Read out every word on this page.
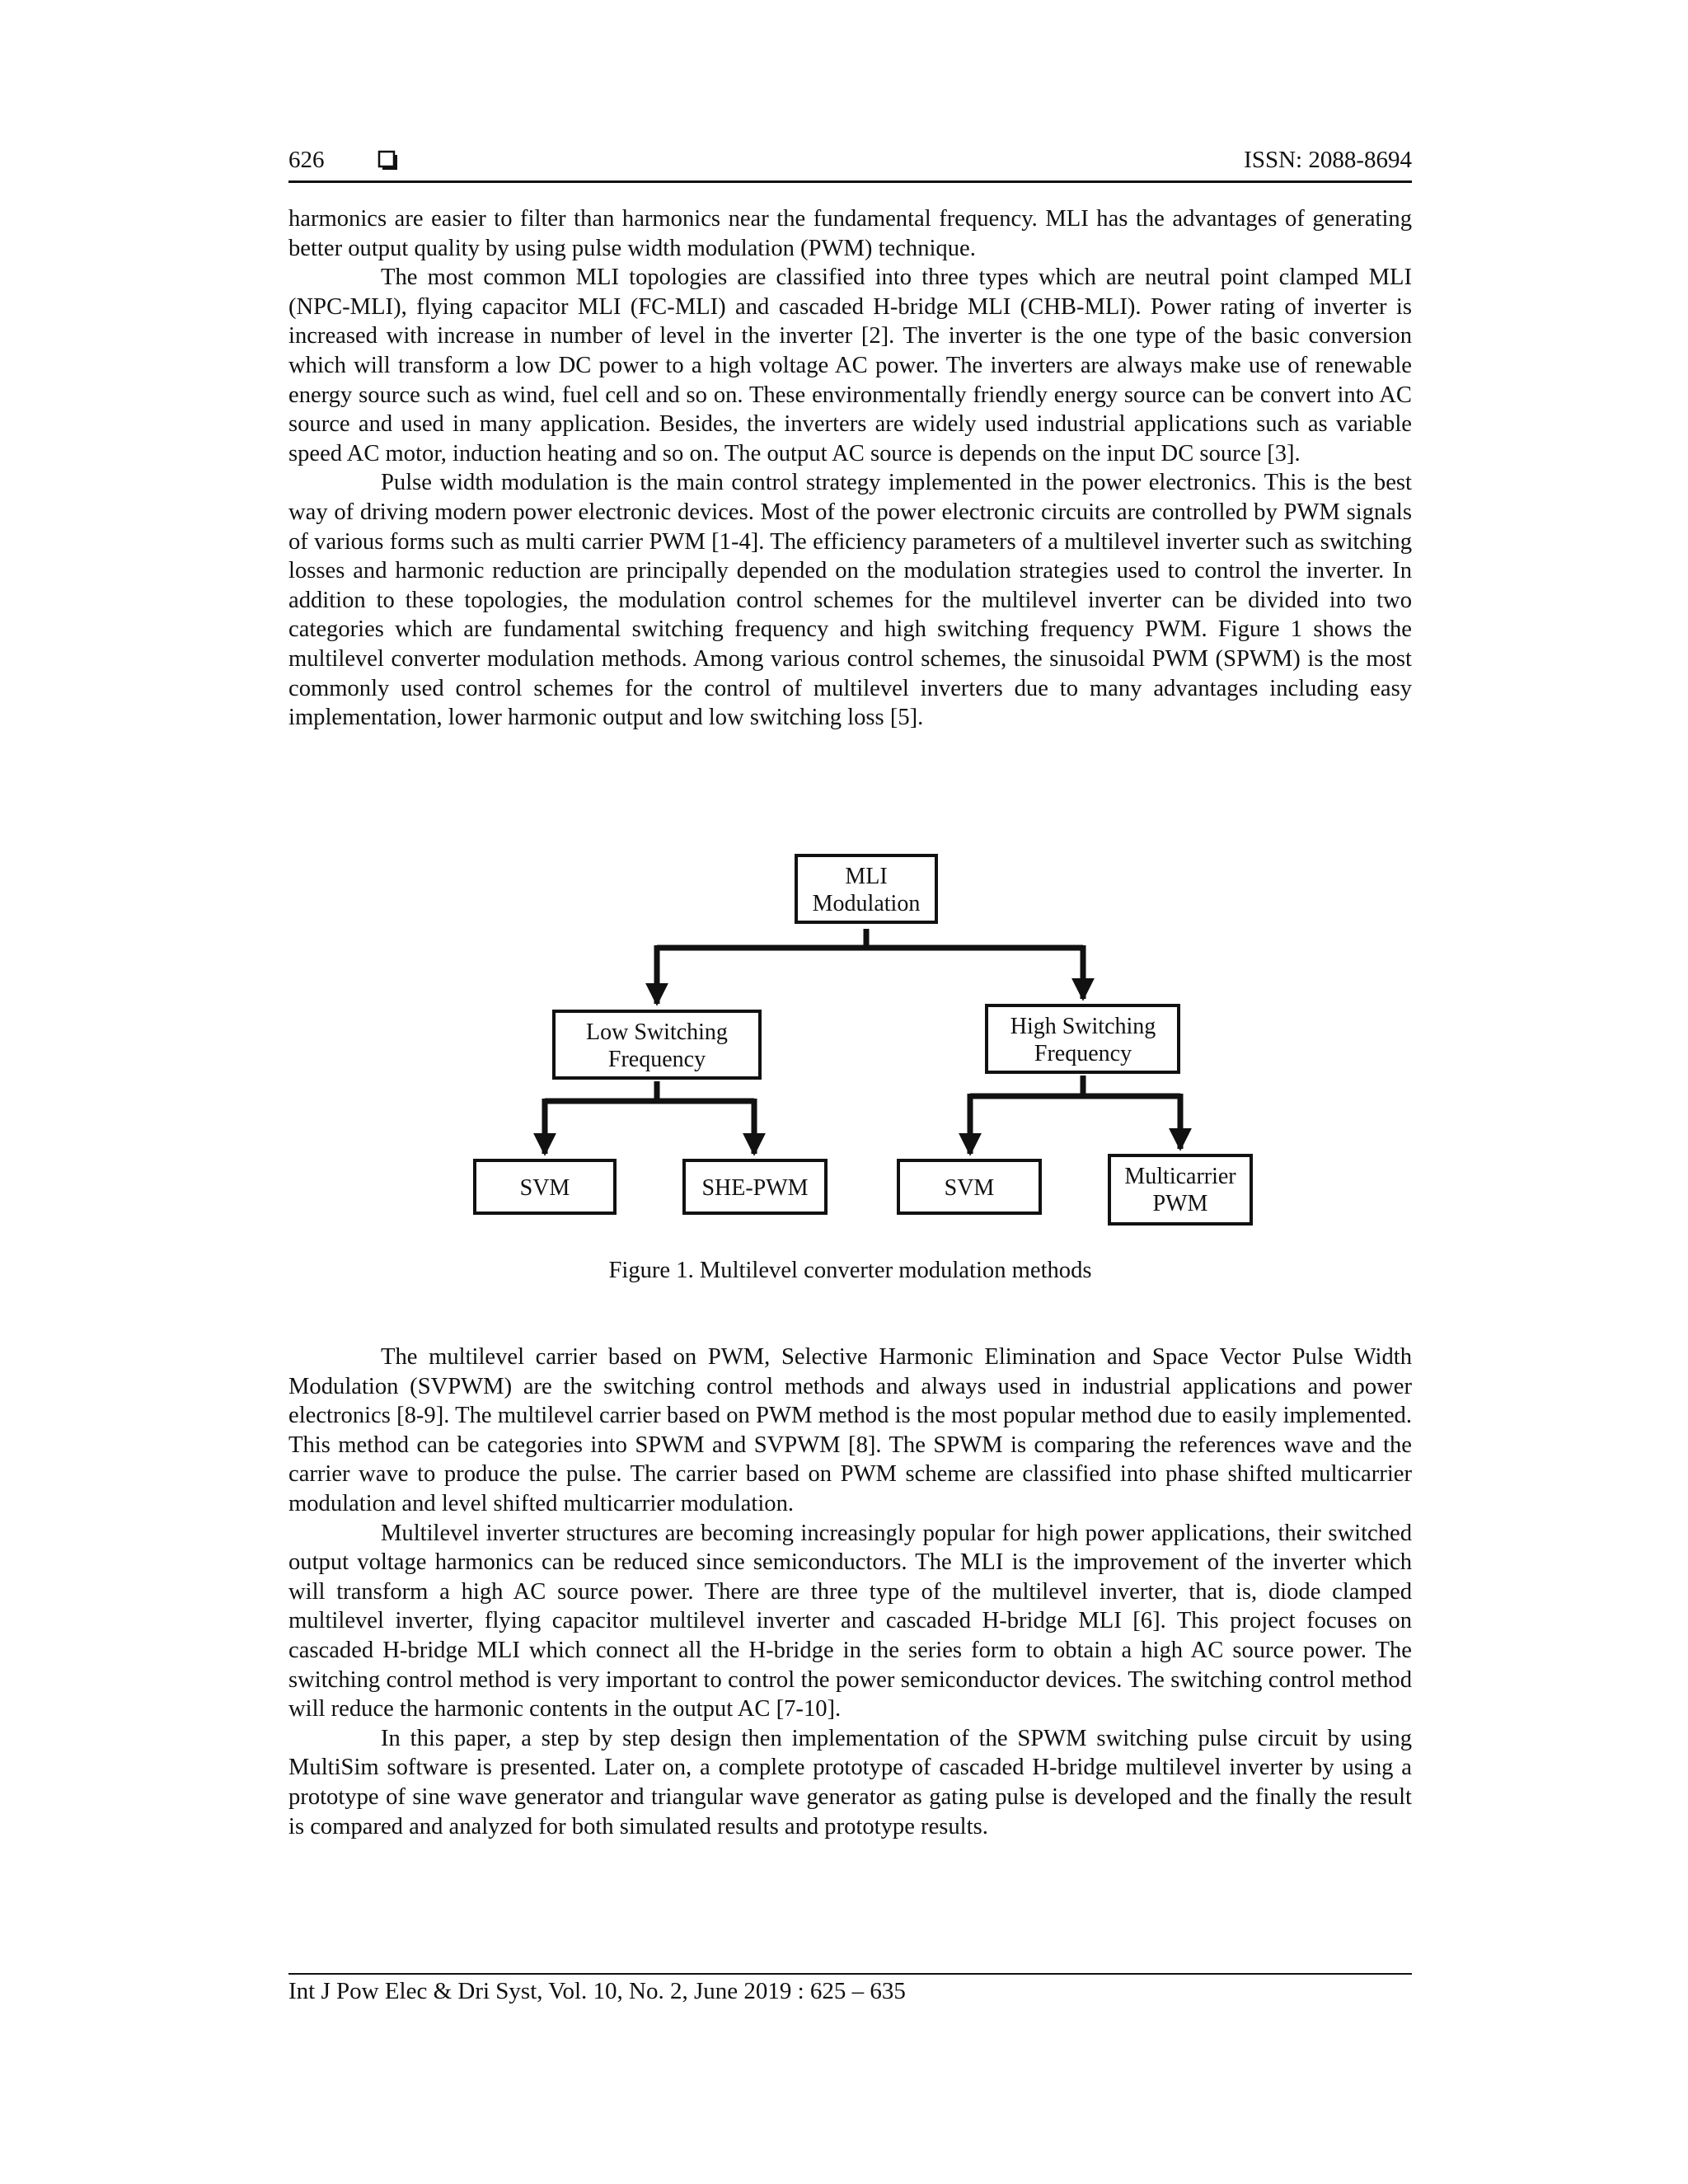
626	ISSN: 2088-8694

harmonics are easier to filter than harmonics near the fundamental frequency. MLI has the advantages of generating better output quality by using pulse width modulation (PWM) technique.

The most common MLI topologies are classified into three types which are neutral point clamped MLI (NPC-MLI), flying capacitor MLI (FC-MLI) and cascaded H-bridge MLI (CHB-MLI). Power rating of inverter is increased with increase in number of level in the inverter [2]. The inverter is the one type of the basic conversion which will transform a low DC power to a high voltage AC power. The inverters are always make use of renewable energy source such as wind, fuel cell and so on. These environmentally friendly energy source can be convert into AC source and used in many application. Besides, the inverters are widely used industrial applications such as variable speed AC motor, induction heating and so on. The output AC source is depends on the input DC source [3].

Pulse width modulation is the main control strategy implemented in the power electronics. This is the best way of driving modern power electronic devices. Most of the power electronic circuits are controlled by PWM signals of various forms such as multi carrier PWM [1-4]. The efficiency parameters of a multilevel inverter such as switching losses and harmonic reduction are principally depended on the modulation strategies used to control the inverter. In addition to these topologies, the modulation control schemes for the multilevel inverter can be divided into two categories which are fundamental switching frequency and high switching frequency PWM. Figure 1 shows the multilevel converter modulation methods. Among various control schemes, the sinusoidal PWM (SPWM) is the most commonly used control schemes for the control of multilevel inverters due to many advantages including easy implementation, lower harmonic output and low switching loss [5].

MLI
Modulation
Low Switching
Frequency
High Switching
Frequency
SVM	SHE-PWM	SVM	Multicarrier
PWM
Figure 1. Multilevel converter modulation methods

The multilevel carrier based on PWM, Selective Harmonic Elimination and Space Vector Pulse Width Modulation (SVPWM) are the switching control methods and always used in industrial applications and power electronics [8-9]. The multilevel carrier based on PWM method is the most popular method due to easily implemented. This method can be categories into SPWM and SVPWM [8]. The SPWM is comparing the references wave and the carrier wave to produce the pulse. The carrier based on PWM scheme are classified into phase shifted multicarrier modulation and level shifted multicarrier modulation.

Multilevel inverter structures are becoming increasingly popular for high power applications, their switched output voltage harmonics can be reduced since semiconductors. The MLI is the improvement of the inverter which will transform a high AC source power. There are three type of the multilevel inverter, that is, diode clamped multilevel inverter, flying capacitor multilevel inverter and cascaded H-bridge MLI [6]. This project focuses on cascaded H-bridge MLI which connect all the H-bridge in the series form to obtain a high AC source power. The switching control method is very important to control the power semiconductor devices. The switching control method will reduce the harmonic contents in the output AC [7-10].

In this paper, a step by step design then implementation of the SPWM switching pulse circuit by using MultiSim software is presented. Later on, a complete prototype of cascaded H-bridge multilevel inverter by using a prototype of sine wave generator and triangular wave generator as gating pulse is developed and the finally the result is compared and analyzed for both simulated results and prototype results.

Int J Pow Elec & Dri Syst, Vol. 10, No. 2, June 2019 : 625 – 635
